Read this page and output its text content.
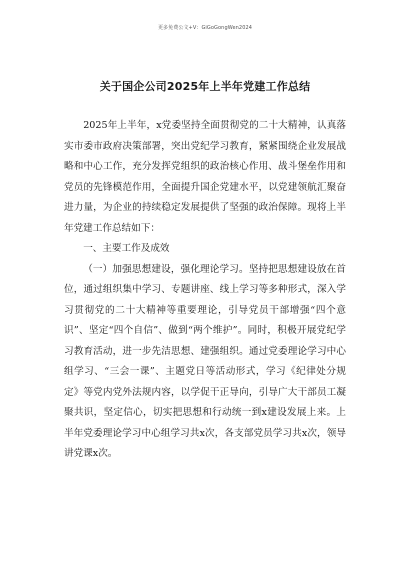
更多免费公文+V：GiGoGongWen2024
关于国企公司2025年上半年党建工作总结

2025年上半年，x党委坚持全面贯彻党的二十大精神，认真落实市委市政府决策部署，突出党纪学习教育，紧紧围绕企业发展战略和中心工作，充分发挥党组织的政治核心作用、战斗堡垒作用和党员的先锋模范作用，全面提升国企党建水平，以党建领航汇聚奋进力量，为企业的持续稳定发展提供了坚强的政治保障。现将上半年党建工作总结如下：

一、主要工作及成效

（一）加强思想建设，强化理论学习。坚持把思想建设放在首位，通过组织集中学习、专题讲座、线上学习等多种形式，深入学习贯彻党的二十大精神等重要理论，引导党员干部增强“四个意识”、坚定“四个自信”、做到“两个维护”。同时，积极开展党纪学习教育活动，进一步先洁思想、建强组织。通过党委理论学习中心组学习、“三会一课”、主题党日等活动形式，学习《纪律处分规定》等党内党外法规内容，以学促干正导向，引导广大干部员工凝聚共识，坚定信心，切实把思想和行动统一到x建设发展上来。上半年党委理论学习中心组学习共x次，各支部党员学习共x次，领导讲党课x次。
